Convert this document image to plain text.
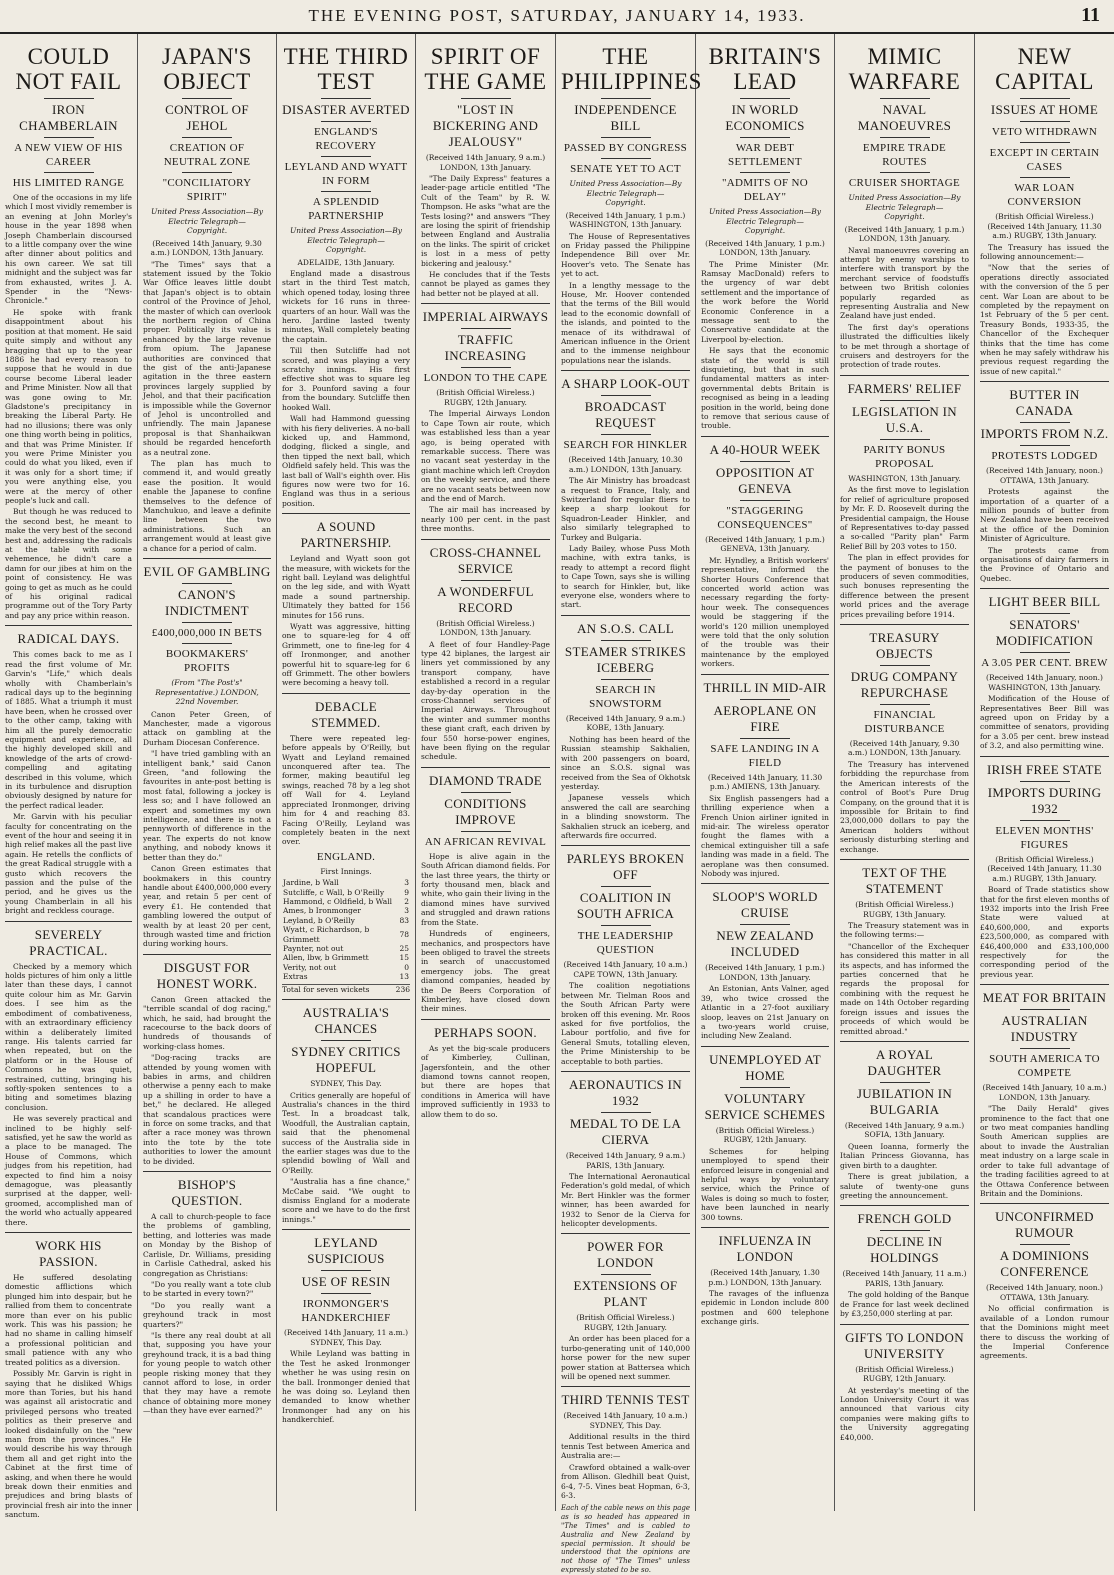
THE EVENING POST, SATURDAY, JANUARY 14, 1933.	11
COULD NOT FAIL
IRON CHAMBERLAIN
A NEW VIEW OF HIS CAREER
HIS LIMITED RANGE

One of the occasions in my life which I most vividly remember is an evening at John Morley's house in the year 1898 when Joseph Chamberlain discoursed to a little company over the wine after dinner about politics and his own career. We sat till midnight and the subject was far from exhausted, writes J. A. Spender in the "News-Chronicle."

He spoke with frank disappointment about his position at that moment. He said quite simply and without any bragging that up to the year 1886 he had every reason to suppose that he would in due course become Liberal leader and Prime Minister. Now all that was gone owing to Mr. Gladstone's precipitancy in breaking the Liberal Party. He had no illusions; there was only one thing worth being in politics, and that was Prime Minister. If you were Prime Minister you could do what you liked, even if it was only for a short time; if you were anything else, you were at the mercy of other people's luck and call.

But though he was reduced to the second best, he meant to make the very best of the second best and, addressing the radicals at the table with some vehemence, he didn't care a damn for our jibes at him on the point of consistency. He was going to get as much as he could of his original radical programme out of the Tory Party and pay any price within reason.

RADICAL DAYS.

This comes back to me as I read the first volume of Mr. Garvin's "Life," which deals wholly with Chamberlain's radical days up to the beginning of 1885. What a triumph it must have been, when he crossed over to the other camp, taking with him all the purely democratic equipment and experience, all the highly developed skill and knowledge of the arts of crowd-compelling and agitating described in this volume, which in its turbulence and disruption obviously designed by nature for the perfect radical leader.

Mr. Garvin with his peculiar faculty for concentrating on the event of the hour and seeing it in high relief makes all the past live again. He retells the conflicts of the great Radical struggle with a gusto which recovers the passion and the pulse of the period, and he gives us the young Chamberlain in all his bright and reckless courage.

SEVERELY PRACTICAL.

Checked by a memory which holds pictures of him only a little later than these days, I cannot quite colour him as Mr. Garvin does. I see him as the embodiment of combativeness, with an extraordinary efficiency within a deliberately limited range. His talents carried far when repeated, but on the platform or in the House of Commons he was quiet, restrained, cutting, bringing his softly-spoken sentences to a biting and sometimes blazing conclusion.

He was severely practical and inclined to be highly self-satisfied, yet he saw the world as a place to be managed. The House of Commons, which judges from his repetition, had expected to find him a noisy demagogue, was pleasantly surprised at the dapper, well-groomed, accomplished man of the world who actually appeared there.

WORK HIS PASSION.

He suffered desolating domestic afflictions which plunged him into despair, but he rallied from them to concentrate more than ever on his public work. This was his passion; he had no shame in calling himself a professional politician and small patience with any who treated politics as a diversion.

Possibly Mr. Garvin is right in saying that he disliked Whigs more than Tories, but his hand was against all aristocratic and privileged persons who treated politics as their preserve and looked disdainfully on the "new man from the provinces." He would describe his way through them all and get right into the Cabinet at the first time of asking, and when there he would break down their enmities and prejudices and bring blasts of provincial fresh air into the inner sanctum.

JAPAN'S OBJECT
CONTROL OF JEHOL
CREATION OF NEUTRAL ZONE
"CONCILIATORY SPIRIT"
United Press Association—By Electric Telegraph—Copyright.
(Received 14th January, 9.30 a.m.) LONDON, 13th January.

"The Times" says that a statement issued by the Tokio War Office leaves little doubt that Japan's object is to obtain control of the Province of Jehol, the master of which can overlook the northern region of China proper. Politically its value is enhanced by the large revenue from opium. The Japanese authorities are convinced that the gist of the anti-Japanese agitation in the three eastern provinces largely supplied by Jehol, and that their pacification is impossible while the Governor of Jehol is uncontrolled and unfriendly. The main Japanese proposal is that Shanhaikwan should be regarded henceforth as a neutral zone.

The plan has much to commend it, and would greatly ease the position. It would enable the Japanese to confine themselves to the defence of Manchukuo, and leave a definite line between the two administrations. Such an arrangement would at least give a chance for a period of calm.

EVIL OF GAMBLING
CANON'S INDICTMENT
£400,000,000 IN BETS
BOOKMAKERS' PROFITS
(From "The Post's" Representative.) LONDON, 22nd November.

Canon Peter Green, of Manchester, made a vigorous attack on gambling at the Durham Diocesan Conference.

"I have tried gambling with an intelligent bank," said Canon Green, "and following the favourites in ante-post betting is most fatal, following a jockey is less so; and I have followed an expert and sometimes my own intelligence, and there is not a pennyworth of difference in the year. The experts do not know anything, and nobody knows it better than they do."

Canon Green estimates that bookmakers in this country handle about £400,000,000 every year, and retain 5 per cent of every £1. He contended that gambling lowered the output of wealth by at least 20 per cent, through wasted time and friction during working hours.

DISGUST FOR HONEST WORK.

Canon Green attacked the "terrible scandal of dog racing," which, he said, had brought the racecourse to the back doors of hundreds of thousands of working-class homes.

"Dog-racing tracks are attended by young women with babies in arms, and children otherwise a penny each to make up a shilling in order to have a bet," he declared. He alleged that scandalous practices were in force on some tracks, and that after a race money was thrown into the tote by the tote authorities to lower the amount to be divided.

BISHOP'S QUESTION.

A call to church-people to face the problems of gambling, betting, and lotteries was made on Monday by the Bishop of Carlisle, Dr. Williams, presiding in Carlisle Cathedral, asked his congregation as Christians:

"Do you really want a tote club to be started in every town?"

"Do you really want a greyhound track in most quarters?"

"Is there any real doubt at all that, supposing you have your greyhound track, it is a bad thing for young people to watch other people risking money that they cannot afford to lose, in order that they may have a remote chance of obtaining more money—than they have ever earned?"

THE THIRD TEST
DISASTER AVERTED
ENGLAND'S RECOVERY
LEYLAND AND WYATT IN FORM
A SPLENDID PARTNERSHIP
United Press Association—By Electric Telegraph—Copyright.
ADELAIDE, 13th January.

England made a disastrous start in the third Test match, which opened today, losing three wickets for 16 runs in three-quarters of an hour. Wall was the hero. Jardine lasted twenty minutes, Wall completely beating the captain.

Till then Sutcliffe had not scored, and was playing a very scratchy innings. His first effective shot was to square leg for 3. Pounford saving a four from the boundary. Sutcliffe then hooked Wall.

Wall had Hammond guessing with his fiery deliveries. A no-ball kicked up, and Hammond, dodging, flicked a single, and then tipped the next ball, which Oldfield safely held. This was the last ball of Wall's eighth over. His figures now were two for 16. England was thus in a serious position.

A SOUND PARTNERSHIP.

Leyland and Wyatt soon got the measure, with wickets for the right ball. Leyland was delightful on the leg side, and with Wyatt made a sound partnership. Ultimately they batted for 156 minutes for 156 runs.

Wyatt was aggressive, hitting one to square-leg for 4 off Grimmett, one to fine-leg for 4 off Ironmonger, and another powerful hit to square-leg for 6 off Grimmett. The other bowlers were becoming a heavy toll.

DEBACLE STEMMED.

There were repeated leg-before appeals by O'Reilly, but Wyatt and Leyland remained unconquered after tea. The former, making beautiful leg swings, reached 78 by a leg shot off Wall for 4. Leyland appreciated Ironmonger, driving him for 4 and reaching 83. Facing O'Reilly, Leyland was completely beaten in the next over.

ENGLAND.
First Innings.
Jardine, b Wall	3
Sutcliffe, c Wall, b O'Reilly	9
Hammond, c Oldfield, b Wall	2
Ames, b Ironmonger	3
Leyland, b O'Reilly	83
Wyatt, c Richardson, b Grimmett	78
Paynter, not out	25
Allen, lbw, b Grimmett	15
Verity, not out	0
Extras	13
Total for seven wickets	236
AUSTRALIA'S CHANCES
SYDNEY CRITICS HOPEFUL
SYDNEY, This Day.

Critics generally are hopeful of Australia's chances in the third Test. In a broadcast talk, Woodfull, the Australian captain, said that the phenomenal success of the Australia side in the earlier stages was due to the splendid bowling of Wall and O'Reilly.

"Australia has a fine chance," McCabe said. "We ought to dismiss England for a moderate score and we have to do the first innings."

LEYLAND SUSPICIOUS
USE OF RESIN
IRONMONGER'S HANDKERCHIEF
(Received 14th January, 11 a.m.) SYDNEY, This Day.

While Leyland was batting in the Test he asked Ironmonger whether he was using resin on the ball. Ironmonger denied that he was doing so. Leyland then demanded to know whether Ironmonger had any on his handkerchief.

SPIRIT OF THE GAME
"LOST IN BICKERING AND JEALOUSY"
(Received 14th January, 9 a.m.) LONDON, 13th January.

"The Daily Express" features a leader-page article entitled "The Cult of the Team" by R. W. Thompson. He asks "what are the Tests losing?" and answers "They are losing the spirit of friendship between England and Australia on the links. The spirit of cricket is lost in a mess of petty bickering and jealousy."

He concludes that if the Tests cannot be played as games they had better not be played at all.

IMPERIAL AIRWAYS
TRAFFIC INCREASING
LONDON TO THE CAPE
(British Official Wireless.) RUGBY, 12th January.

The Imperial Airways London to Cape Town air route, which was established less than a year ago, is being operated with remarkable success. There was no vacant seat yesterday in the giant machine which left Croydon on the weekly service, and there are no vacant seats between now and the end of March.

The air mail has increased by nearly 100 per cent. in the past three months.

CROSS-CHANNEL SERVICE
A WONDERFUL RECORD
(British Official Wireless.) LONDON, 13th January.

A fleet of four Handley-Page type 42 biplanes, the largest air liners yet commissioned by any transport company, have established a record in a regular day-by-day operation in the cross-Channel services of Imperial Airways. Throughout the winter and summer months these giant craft, each driven by four 550 horse-power engines, have been flying on the regular schedule.

DIAMOND TRADE
CONDITIONS IMPROVE
AN AFRICAN REVIVAL

Hope is alive again in the South African diamond fields. For the last three years, the thirty or forty thousand men, black and white, who gain their living in the diamond mines have survived and struggled and drawn rations from the State.

Hundreds of engineers, mechanics, and prospectors have been obliged to travel the streets in search of unaccustomed emergency jobs. The great diamond companies, headed by the De Beers Corporation of Kimberley, have closed down their mines.

PERHAPS SOON.

As yet the big-scale producers of Kimberley, Cullinan, Jagersfontein, and the other diamond towns cannot reopen, but there are hopes that conditions in America will have improved sufficiently in 1933 to allow them to do so.

THE PHILIPPINES
INDEPENDENCE BILL
PASSED BY CONGRESS
SENATE YET TO ACT
United Press Association—By Electric Telegraph—Copyright.
(Received 14th January, 1 p.m.) WASHINGTON, 13th January.

The House of Representatives on Friday passed the Philippine Independence Bill over Mr. Hoover's veto. The Senate has yet to act.

In a lengthy message to the House, Mr. Hoover contended that the terms of the Bill would lead to the economic downfall of the islands, and pointed to the menace of its withdrawal of American influence in the Orient and to the immense neighbour populations near the islands.

A SHARP LOOK-OUT
BROADCAST REQUEST
SEARCH FOR HINKLER
(Received 14th January, 10.30 a.m.) LONDON, 13th January.

The Air Ministry has broadcast a request to France, Italy, and Switzerland for regular fliers to keep a sharp lookout for Squadron-Leader Hinkler, and also similarly telegraphed to Turkey and Bulgaria.

Lady Bailey, whose Puss Moth machine, with extra tanks, is ready to attempt a record flight to Cape Town, says she is willing to search for Hinkler, but, like everyone else, wonders where to start.

AN S.O.S. CALL
STEAMER STRIKES ICEBERG
SEARCH IN SNOWSTORM
(Received 14th January, 9 a.m.) KOBE, 13th January.

Nothing has been heard of the Russian steamship Sakhalien, with 200 passengers on board, since an S.O.S. signal was received from the Sea of Okhotsk yesterday.

Japanese vessels which answered the call are searching in a blinding snowstorm. The Sakhalien struck an iceberg, and afterwards fire occurred.

PARLEYS BROKEN OFF
COALITION IN SOUTH AFRICA
THE LEADERSHIP QUESTION
(Received 14th January, 10 a.m.) CAPE TOWN, 13th January.

The coalition negotiations between Mr. Tielman Roos and the South African Party were broken off this evening. Mr. Roos asked for five portfolios, the Labour portfolio, and five for General Smuts, totalling eleven, the Prime Ministership to be acceptable to both parties.

AERONAUTICS IN 1932
MEDAL TO DE LA CIERVA
(Received 14th January, 9 a.m.) PARIS, 13th January.

The International Aeronautical Federation's gold medal, of which Mr. Bert Hinkler was the former winner, has been awarded for 1932 to Senor de la Cierva for helicopter developments.

POWER FOR LONDON
EXTENSIONS OF PLANT
(British Official Wireless.) RUGBY, 12th January.

An order has been placed for a turbo-generating unit of 140,000 horse power for the new super power station at Battersea which will be opened next summer.

THIRD TENNIS TEST
(Received 14th January, 10 a.m.) SYDNEY, This Day.

Additional results in the third tennis Test between America and Australia are:—

Crawford obtained a walk-over from Allison. Gledhill beat Quist, 6-4, 7-5. Vines beat Hopman, 6-3, 6-3.

Each of the cable news on this page as is so headed has appeared in "The Times" and is cabled to Australia and New Zealand by special permission. It should be understood that the opinions are not those of "The Times" unless expressly stated to be so.
BRITAIN'S LEAD
IN WORLD ECONOMICS
WAR DEBT SETTLEMENT
"ADMITS OF NO DELAY"
United Press Association—By Electric Telegraph—Copyright.
(Received 14th January, 1 p.m.) LONDON, 13th January.

The Prime Minister (Mr. Ramsay MacDonald) refers to the urgency of war debt settlement and the importance of the work before the World Economic Conference in a message sent to the Conservative candidate at the Liverpool by-election.

He says that the economic state of the world is still disquieting, but that in such fundamental matters as inter-governmental debts Britain is recognised as being in a leading position in the world, being done to remove that serious cause of trouble.

A 40-HOUR WEEK
OPPOSITION AT GENEVA
"STAGGERING CONSEQUENCES"
(Received 14th January, 1 p.m.) GENEVA, 13th January.

Mr. Hyndley, a British workers' representative, informed the Shorter Hours Conference that concerted world action was necessary regarding the forty-hour week. The consequences would be staggering if the world's 120 million unemployed were told that the only solution of the trouble was their maintenance by the employed workers.

THRILL IN MID-AIR
AEROPLANE ON FIRE
SAFE LANDING IN A FIELD
(Received 14th January, 11.30 p.m.) AMIENS, 13th January.

Six English passengers had a thrilling experience when a French Union airliner ignited in mid-air. The wireless operator fought the flames with a chemical extinguisher till a safe landing was made in a field. The aeroplane was then consumed. Nobody was injured.

SLOOP'S WORLD CRUISE
NEW ZEALAND INCLUDED
(Received 14th January, 1 p.m.) LONDON, 13th January.

An Estonian, Ants Valner, aged 39, who twice crossed the Atlantic in a 27-foot auxiliary sloop, leaves on 21st January on a two-years world cruise, including New Zealand.

UNEMPLOYED AT HOME
VOLUNTARY SERVICE SCHEMES
(British Official Wireless.) RUGBY, 12th January.

Schemes for helping unemployed to spend their enforced leisure in congenial and helpful ways by voluntary service, which the Prince of Wales is doing so much to foster, have been launched in nearly 300 towns.

INFLUENZA IN LONDON
(Received 14th January, 1.30 p.m.) LONDON, 13th January.

The ravages of the influenza epidemic in London include 800 postmen and 600 telephone exchange girls.

MIMIC WARFARE
NAVAL MANOEUVRES
EMPIRE TRADE ROUTES
CRUISER SHORTAGE
United Press Association—By Electric Telegraph—Copyright.
(Received 14th January, 1 p.m.) LONDON, 13th January.

Naval manoeuvres covering an attempt by enemy warships to interfere with transport by the merchant service of foodstuffs between two British colonies popularly regarded as representing Australia and New Zealand have just ended.

The first day's operations illustrated the difficulties likely to be met through a shortage of cruisers and destroyers for the protection of trade routes.

FARMERS' RELIEF
LEGISLATION IN U.S.A.
PARITY BONUS PROPOSAL
WASHINGTON, 13th January.

As the first move to legislation for relief of agriculture proposed by Mr. F. D. Roosevelt during the Presidential campaign, the House of Representatives to-day passed a so-called "Parity plan" Farm Relief Bill by 203 votes to 150.

The plan in effect provides for the payment of bonuses to the producers of seven commodities, such bonuses representing the difference between the present world prices and the average prices prevailing before 1914.

TREASURY OBJECTS
DRUG COMPANY REPURCHASE
FINANCIAL DISTURBANCE
(Received 14th January, 9.30 a.m.) LONDON, 13th January.

The Treasury has intervened forbidding the repurchase from the American interests of the control of Boot's Pure Drug Company, on the ground that it is impossible for Britain to find 23,000,000 dollars to pay the American holders without seriously disturbing sterling and exchange.

TEXT OF THE STATEMENT
(British Official Wireless.) RUGBY, 13th January.

The Treasury statement was in the following terms:—

"Chancellor of the Exchequer has considered this matter in all its aspects, and has informed the parties concerned that he regards the proposal for combining with the request he made on 14th October regarding foreign issues and issues the proceeds of which would be remitted abroad."

A ROYAL DAUGHTER
JUBILATION IN BULGARIA
(Received 14th January, 9 a.m.) SOFIA, 13th January.

Queen Ioanna, formerly the Italian Princess Giovanna, has given birth to a daughter.

There is great jubilation, a salute of twenty-one guns greeting the announcement.

FRENCH GOLD
DECLINE IN HOLDINGS
(Received 14th January, 11 a.m.) PARIS, 13th January.

The gold holding of the Banque de France for last week declined by £3,250,000 sterling at par.

GIFTS TO LONDON UNIVERSITY
(British Official Wireless.) RUGBY, 12th January.

At yesterday's meeting of the London University Court it was announced that various city companies were making gifts to the University aggregating £40,000.

NEW CAPITAL
ISSUES AT HOME
VETO WITHDRAWN
EXCEPT IN CERTAIN CASES
WAR LOAN CONVERSION
(British Official Wireless.) (Received 14th January, 11.30 a.m.) RUGBY, 13th January.

The Treasury has issued the following announcement:—

"Now that the series of operations directly associated with the conversion of the 5 per cent. War Loan are about to be completed by the repayment on 1st February of the 5 per cent. Treasury Bonds, 1933-35, the Chancellor of the Exchequer thinks that the time has come when he may safely withdraw his previous request regarding the issue of new capital."

BUTTER IN CANADA
IMPORTS FROM N.Z.
PROTESTS LODGED
(Received 14th January, noon.) OTTAWA, 13th January.

Protests against the importation of a quarter of a million pounds of butter from New Zealand have been received at the office of the Dominion Minister of Agriculture.

The protests came from organisations of dairy farmers in the Province of Ontario and Quebec.

LIGHT BEER BILL
SENATORS' MODIFICATION
A 3.05 PER CENT. BREW
(Received 14th January, noon.) WASHINGTON, 13th January.

Modification of the House of Representatives Beer Bill was agreed upon on Friday by a committee of senators, providing for a 3.05 per cent. brew instead of 3.2, and also permitting wine.

IRISH FREE STATE
IMPORTS DURING 1932
ELEVEN MONTHS' FIGURES
(British Official Wireless.) (Received 14th January, 11.30 a.m.) RUGBY, 13th January.

Board of Trade statistics show that for the first eleven months of 1932 imports into the Irish Free State were valued at £40,600,000, and exports £23,500,000, as compared with £46,400,000 and £33,100,000 respectively for the corresponding period of the previous year.

MEAT FOR BRITAIN
AUSTRALIAN INDUSTRY
SOUTH AMERICA TO COMPETE
(Received 14th January, 10 a.m.) LONDON, 13th January.

"The Daily Herald" gives prominence to the fact that one or two meat companies handling South American supplies are about to invade the Australian meat industry on a large scale in order to take full advantage of the trading facilities agreed to at the Ottawa Conference between Britain and the Dominions.

UNCONFIRMED RUMOUR
A DOMINIONS CONFERENCE
(Received 14th January, noon.) OTTAWA, 13th January.

No official confirmation is available of a London rumour that the Dominions might meet there to discuss the working of the Imperial Conference agreements.
